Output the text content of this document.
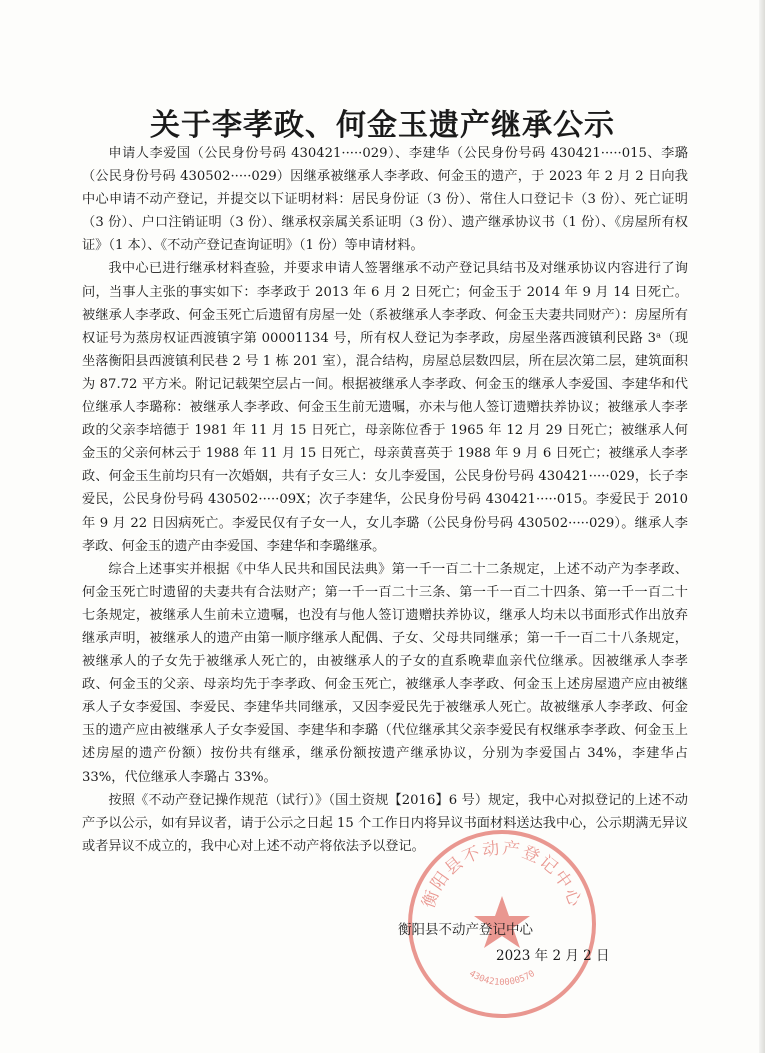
关于李孝政、何金玉遗产继承公示

申请人李爱国（公民身份号码 430421·····029）、李建华（公民身份号码 430421·····015、李璐（公民身份号码 430502·····029）因继承被继承人李孝政、何金玉的遗产，于 2023 年 2 月 2 日向我中心申请不动产登记，并提交以下证明材料：居民身份证（3 份）、常住人口登记卡（3 份）、死亡证明（3 份）、户口注销证明（3 份）、继承权亲属关系证明（3 份）、遗产继承协议书（1 份）、《房屋所有权证》（1 本）、《不动产登记查询证明》（1 份）等申请材料。

我中心已进行继承材料查验，并要求申请人签署继承不动产登记具结书及对继承协议内容进行了询问，当事人主张的事实如下：李孝政于 2013 年 6 月 2 日死亡；何金玉于 2014 年 9 月 14 日死亡。被继承人李孝政、何金玉死亡后遗留有房屋一处（系被继承人李孝政、何金玉夫妻共同财产）：房屋所有权证号为蒸房权证西渡镇字第 00001134 号，所有权人登记为李孝政，房屋坐落西渡镇利民路 3ᵃ（现坐落衡阳县西渡镇利民巷 2 号 1 栋 201 室），混合结构，房屋总层数四层，所在层次第二层，建筑面积为 87.72 平方米。附记记载架空层占一间。根据被继承人李孝政、何金玉的继承人李爱国、李建华和代位继承人李璐称：被继承人李孝政、何金玉生前无遗嘱，亦未与他人签订遗赠扶养协议；被继承人李孝政的父亲李培德于 1981 年 11 月 15 日死亡，母亲陈位香于 1965 年 12 月 29 日死亡；被继承人何金玉的父亲何林云于 1988 年 11 月 15 日死亡，母亲黄喜英于 1988 年 9 月 6 日死亡；被继承人李孝政、何金玉生前均只有一次婚姻，共有子女三人：女儿李爱国，公民身份号码 430421·····029，长子李爱民，公民身份号码 430502·····09X；次子李建华，公民身份号码 430421·····015。李爱民于 2010 年 9 月 22 日因病死亡。李爱民仅有子女一人，女儿李璐（公民身份号码 430502·····029）。继承人李孝政、何金玉的遗产由李爱国、李建华和李璐继承。

综合上述事实并根据《中华人民共和国民法典》第一千一百二十二条规定，上述不动产为李孝政、何金玉死亡时遗留的夫妻共有合法财产；第一千一百二十三条、第一千一百二十四条、第一千一百二十七条规定，被继承人生前未立遗嘱，也没有与他人签订遗赠扶养协议，继承人均未以书面形式作出放弃继承声明，被继承人的遗产由第一顺序继承人配偶、子女、父母共同继承；第一千一百二十八条规定，被继承人的子女先于被继承人死亡的，由被继承人的子女的直系晚辈血亲代位继承。因被继承人李孝政、何金玉的父亲、母亲均先于李孝政、何金玉死亡，被继承人李孝政、何金玉上述房屋遗产应由被继承人子女李爱国、李爱民、李建华共同继承，又因李爱民先于被继承人死亡。故被继承人李孝政、何金玉的遗产应由被继承人子女李爱国、李建华和李璐（代位继承其父亲李爱民有权继承李孝政、何金玉上述房屋的遗产份额）按份共有继承，继承份额按遗产继承协议，分别为李爱国占 34%，李建华占 33%，代位继承人李璐占 33%。

按照《不动产登记操作规范（试行）》（国土资规【2016】6 号）规定，我中心对拟登记的上述不动产予以公示，如有异议者，请于公示之日起 15 个工作日内将异议书面材料送达我中心，公示期满无异议或者异议不成立的，我中心对上述不动产将依法予以登记。

衡阳县不动产登记中心
4304210000570
衡阳县不动产登记中心
2023 年 2 月 2 日
